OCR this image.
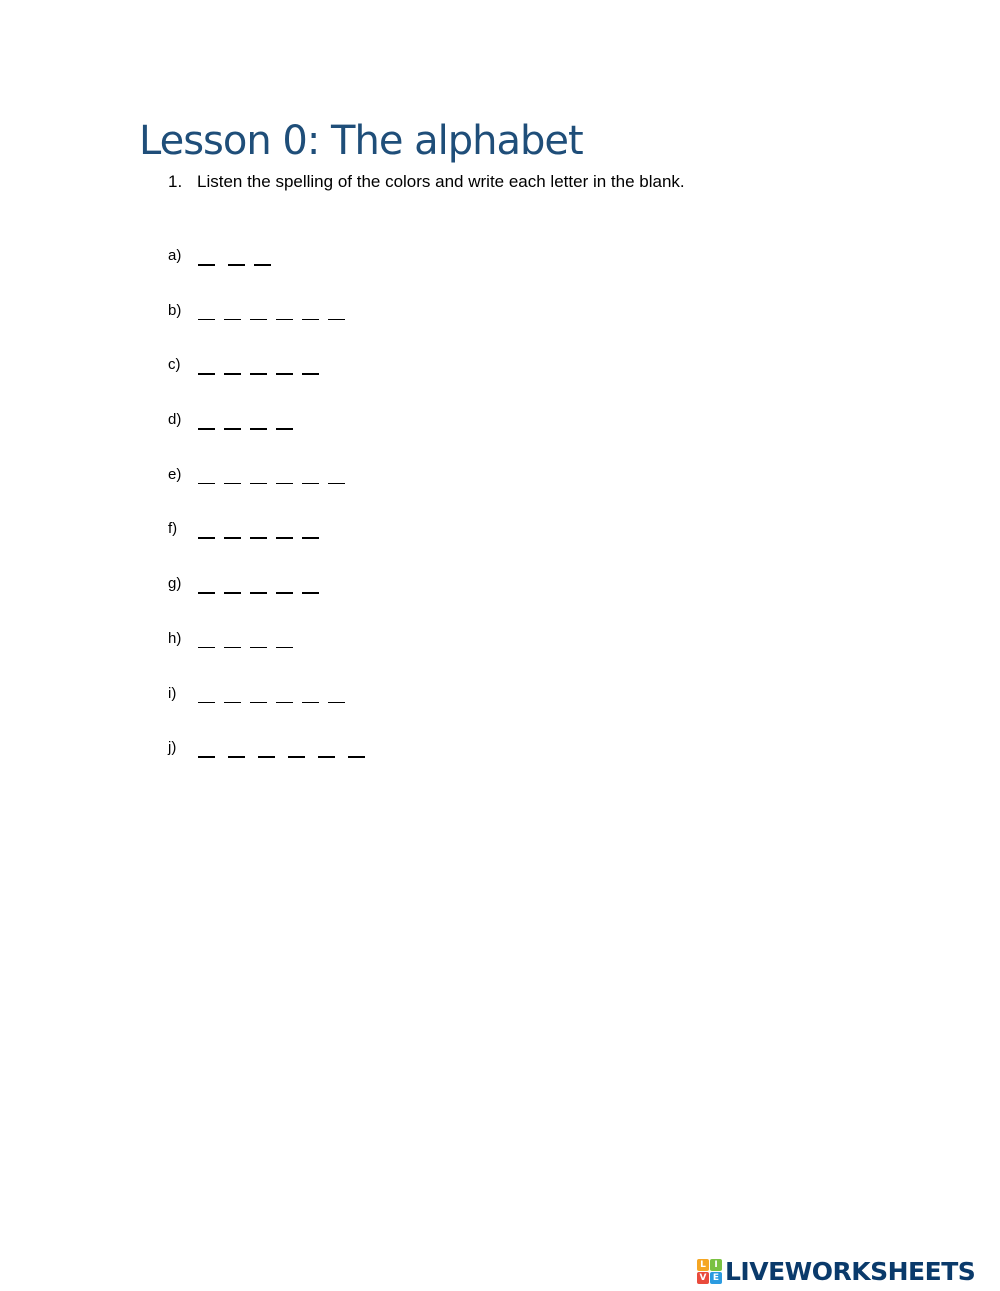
Lesson 0: The alphabet
1. Listen the spelling of the colors and write each letter in the blank.
a)
b)
c)
d)
e)
f)
g)
h)
i)
j)
L I
V E LIVEWORKSHEETS
